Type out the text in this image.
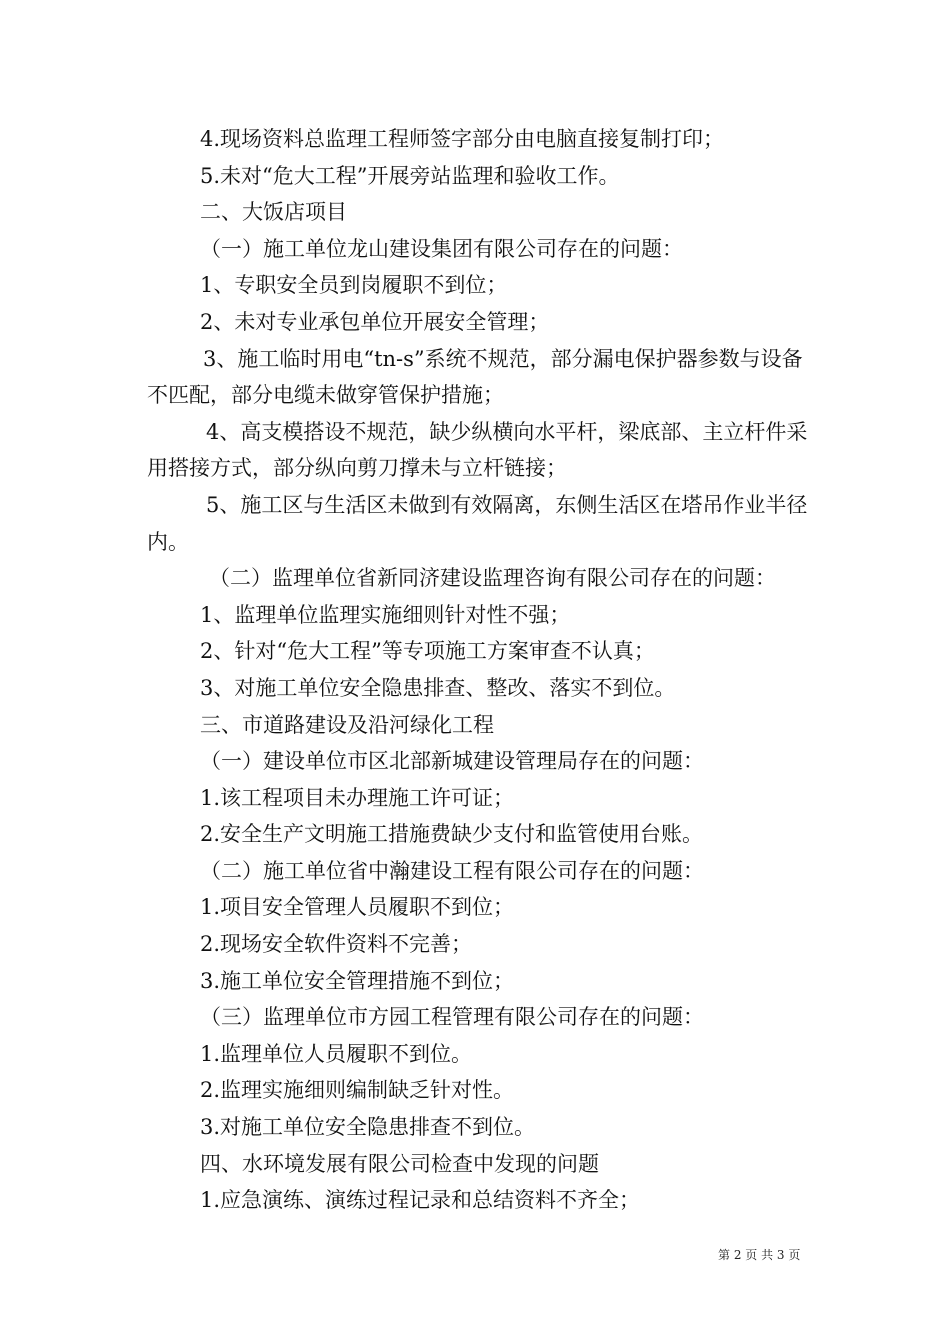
4.现场资料总监理工程师签字部分由电脑直接复制打印；

5.未对“危大工程”开展旁站监理和验收工作。

二、大饭店项目

（一）施工单位龙山建设集团有限公司存在的问题：

1、专职安全员到岗履职不到位；

2、未对专业承包单位开展安全管理；

3、施工临时用电“tn-s”系统不规范，部分漏电保护器参数与设备不匹配，部分电缆未做穿管保护措施；

4、高支模搭设不规范，缺少纵横向水平杆，梁底部、主立杆件采用搭接方式，部分纵向剪刀撑未与立杆链接；

5、施工区与生活区未做到有效隔离，东侧生活区在塔吊作业半径内。

（二）监理单位省新同济建设监理咨询有限公司存在的问题：

1、监理单位监理实施细则针对性不强；

2、针对“危大工程”等专项施工方案审查不认真；

3、对施工单位安全隐患排查、整改、落实不到位。

三、市道路建设及沿河绿化工程

（一）建设单位市区北部新城建设管理局存在的问题：

1.该工程项目未办理施工许可证；

2.安全生产文明施工措施费缺少支付和监管使用台账。

（二）施工单位省中瀚建设工程有限公司存在的问题：

1.项目安全管理人员履职不到位；

2.现场安全软件资料不完善；

3.施工单位安全管理措施不到位；

（三）监理单位市方园工程管理有限公司存在的问题：

1.监理单位人员履职不到位。

2.监理实施细则编制缺乏针对性。

3.对施工单位安全隐患排查不到位。

四、水环境发展有限公司检查中发现的问题

1.应急演练、演练过程记录和总结资料不齐全；

第 2 页 共 3 页
